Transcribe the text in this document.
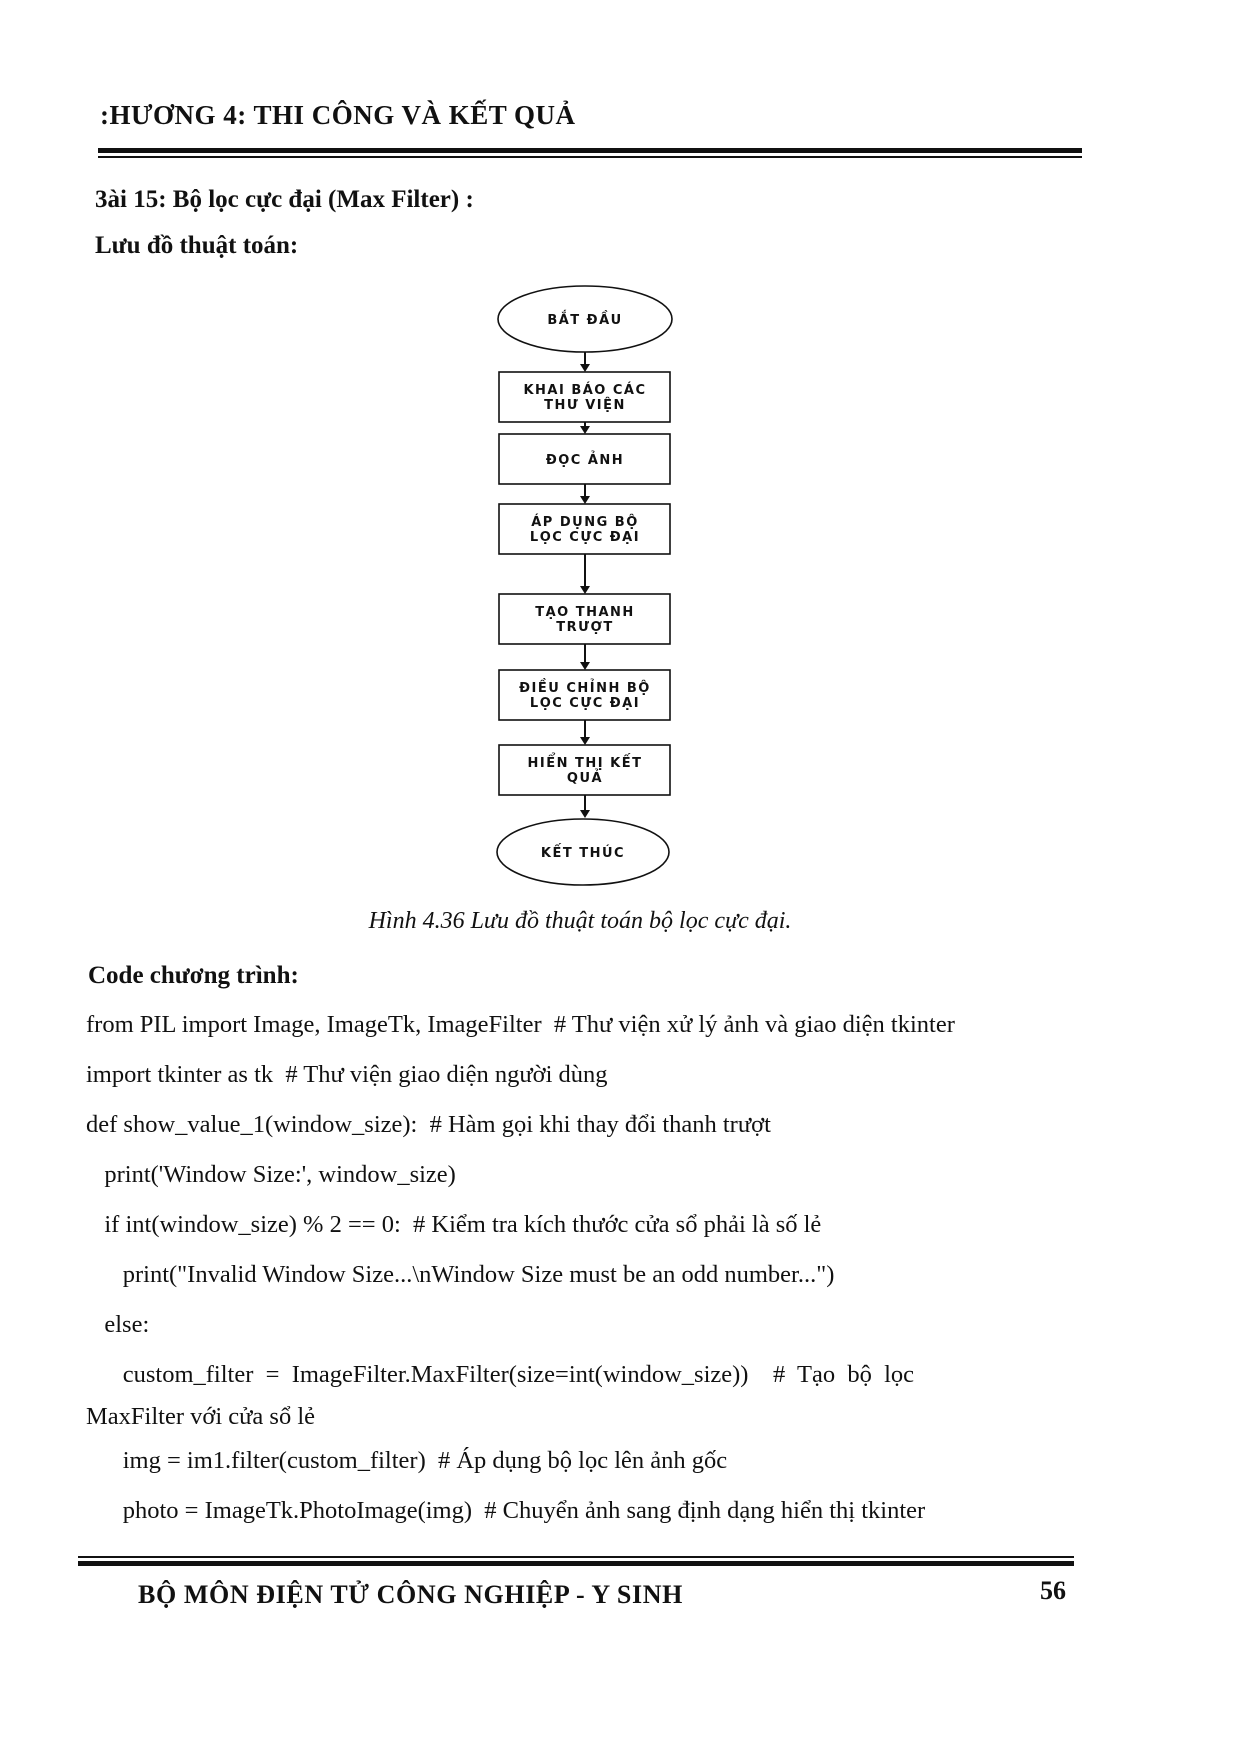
:HƯƠNG 4: THI CÔNG VÀ KẾT QUẢ
3ài 15: Bộ lọc cực đại (Max Filter) :
Lưu đồ thuật toán:
BẮT ĐẦU
KHAI BÁO CÁC
THƯ VIỆN
ĐỌC ẢNH
ÁP DỤNG BỘ
LỌC CỰC ĐẠI
TẠO THANH
TRƯỢT
ĐIỀU CHỈNH BỘ
LỌC CỰC ĐẠI
HIỂN THỊ KẾT
QUẢ
KẾT THÚC
Hình 4.36 Lưu đồ thuật toán bộ lọc cực đại.
Code chương trình:
from PIL import Image, ImageTk, ImageFilter  # Thư viện xử lý ảnh và giao diện tkinter
import tkinter as tk  # Thư viện giao diện người dùng
def show_value_1(window_size):  # Hàm gọi khi thay đổi thanh trượt
print('Window Size:', window_size)
if int(window_size) % 2 == 0:  # Kiểm tra kích thước cửa sổ phải là số lẻ
print("Invalid Window Size...\nWindow Size must be an odd number...")
else:
custom_filter  =  ImageFilter.MaxFilter(size=int(window_size))    #  Tạo  bộ  lọc
MaxFilter với cửa sổ lẻ
img = im1.filter(custom_filter)  # Áp dụng bộ lọc lên ảnh gốc
photo = ImageTk.PhotoImage(img)  # Chuyển ảnh sang định dạng hiển thị tkinter
BỘ MÔN ĐIỆN TỬ CÔNG NGHIỆP - Y SINH	56
